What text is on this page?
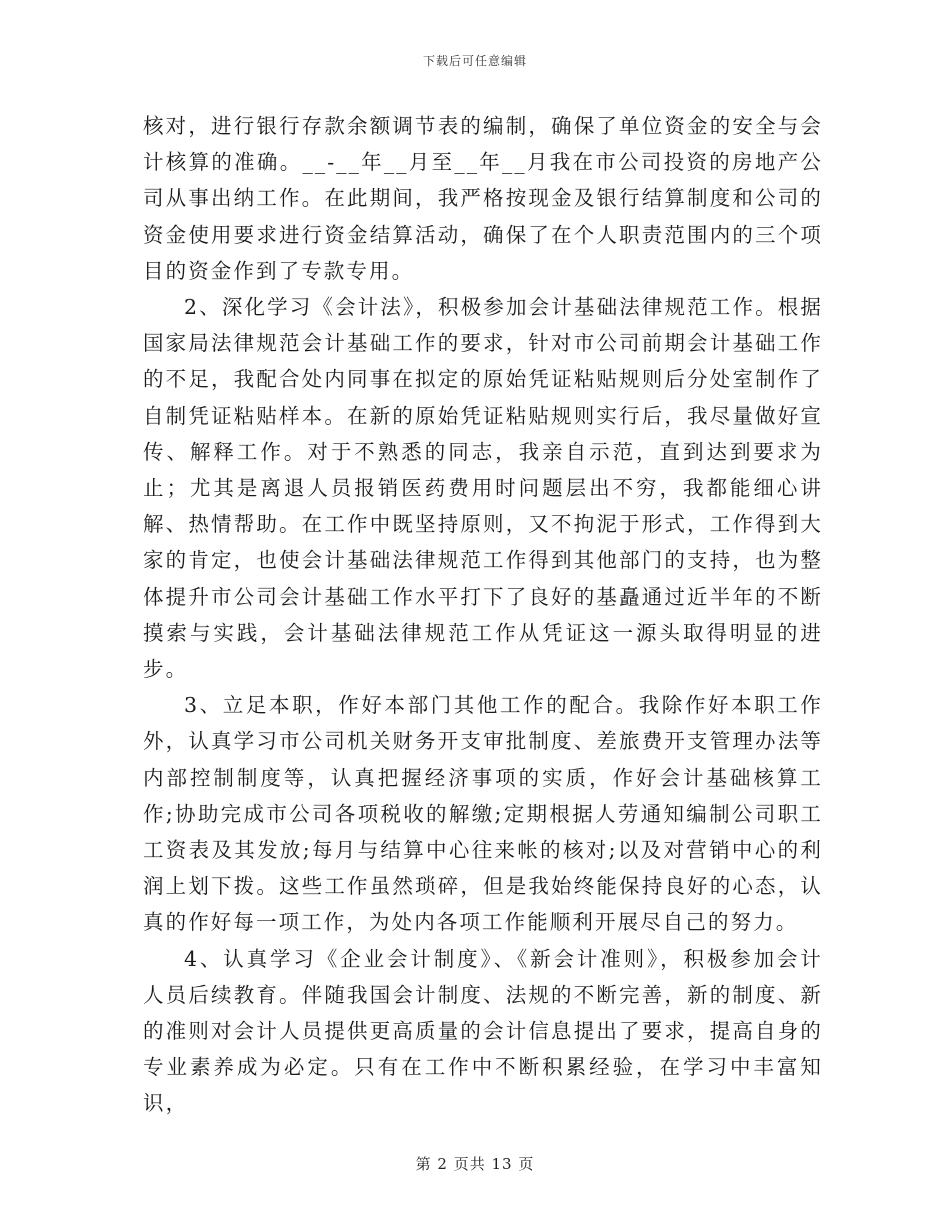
下载后可任意编辑

核对，进行银行存款余额调节表的编制，确保了单位资金的安全与会计核算的准确。__-__年__月至__年__月我在市公司投资的房地产公司从事出纳工作。在此期间，我严格按现金及银行结算制度和公司的资金使用要求进行资金结算活动，确保了在个人职责范围内的三个项目的资金作到了专款专用。

2、深化学习《会计法》，积极参加会计基础法律规范工作。根据国家局法律规范会计基础工作的要求，针对市公司前期会计基础工作的不足，我配合处内同事在拟定的原始凭证粘贴规则后分处室制作了自制凭证粘贴样本。在新的原始凭证粘贴规则实行后，我尽量做好宣传、解释工作。对于不熟悉的同志，我亲自示范，直到达到要求为止；尤其是离退人员报销医药费用时问题层出不穷，我都能细心讲解、热情帮助。在工作中既坚持原则，又不拘泥于形式，工作得到大家的肯定，也使会计基础法律规范工作得到其他部门的支持，也为整体提升市公司会计基础工作水平打下了良好的基矗通过近半年的不断摸索与实践，会计基础法律规范工作从凭证这一源头取得明显的进步。

3、立足本职，作好本部门其他工作的配合。我除作好本职工作外，认真学习市公司机关财务开支审批制度、差旅费开支管理办法等内部控制制度等，认真把握经济事项的实质，作好会计基础核算工作;协助完成市公司各项税收的解缴;定期根据人劳通知编制公司职工工资表及其发放;每月与结算中心往来帐的核对;以及对营销中心的利润上划下拨。这些工作虽然琐碎，但是我始终能保持良好的心态，认真的作好每一项工作，为处内各项工作能顺利开展尽自己的努力。

4、认真学习《企业会计制度》、《新会计准则》，积极参加会计人员后续教育。伴随我国会计制度、法规的不断完善，新的制度、新的准则对会计人员提供更高质量的会计信息提出了要求，提高自身的专业素养成为必定。只有在工作中不断积累经验，在学习中丰富知识，

第 2 页共 13 页
